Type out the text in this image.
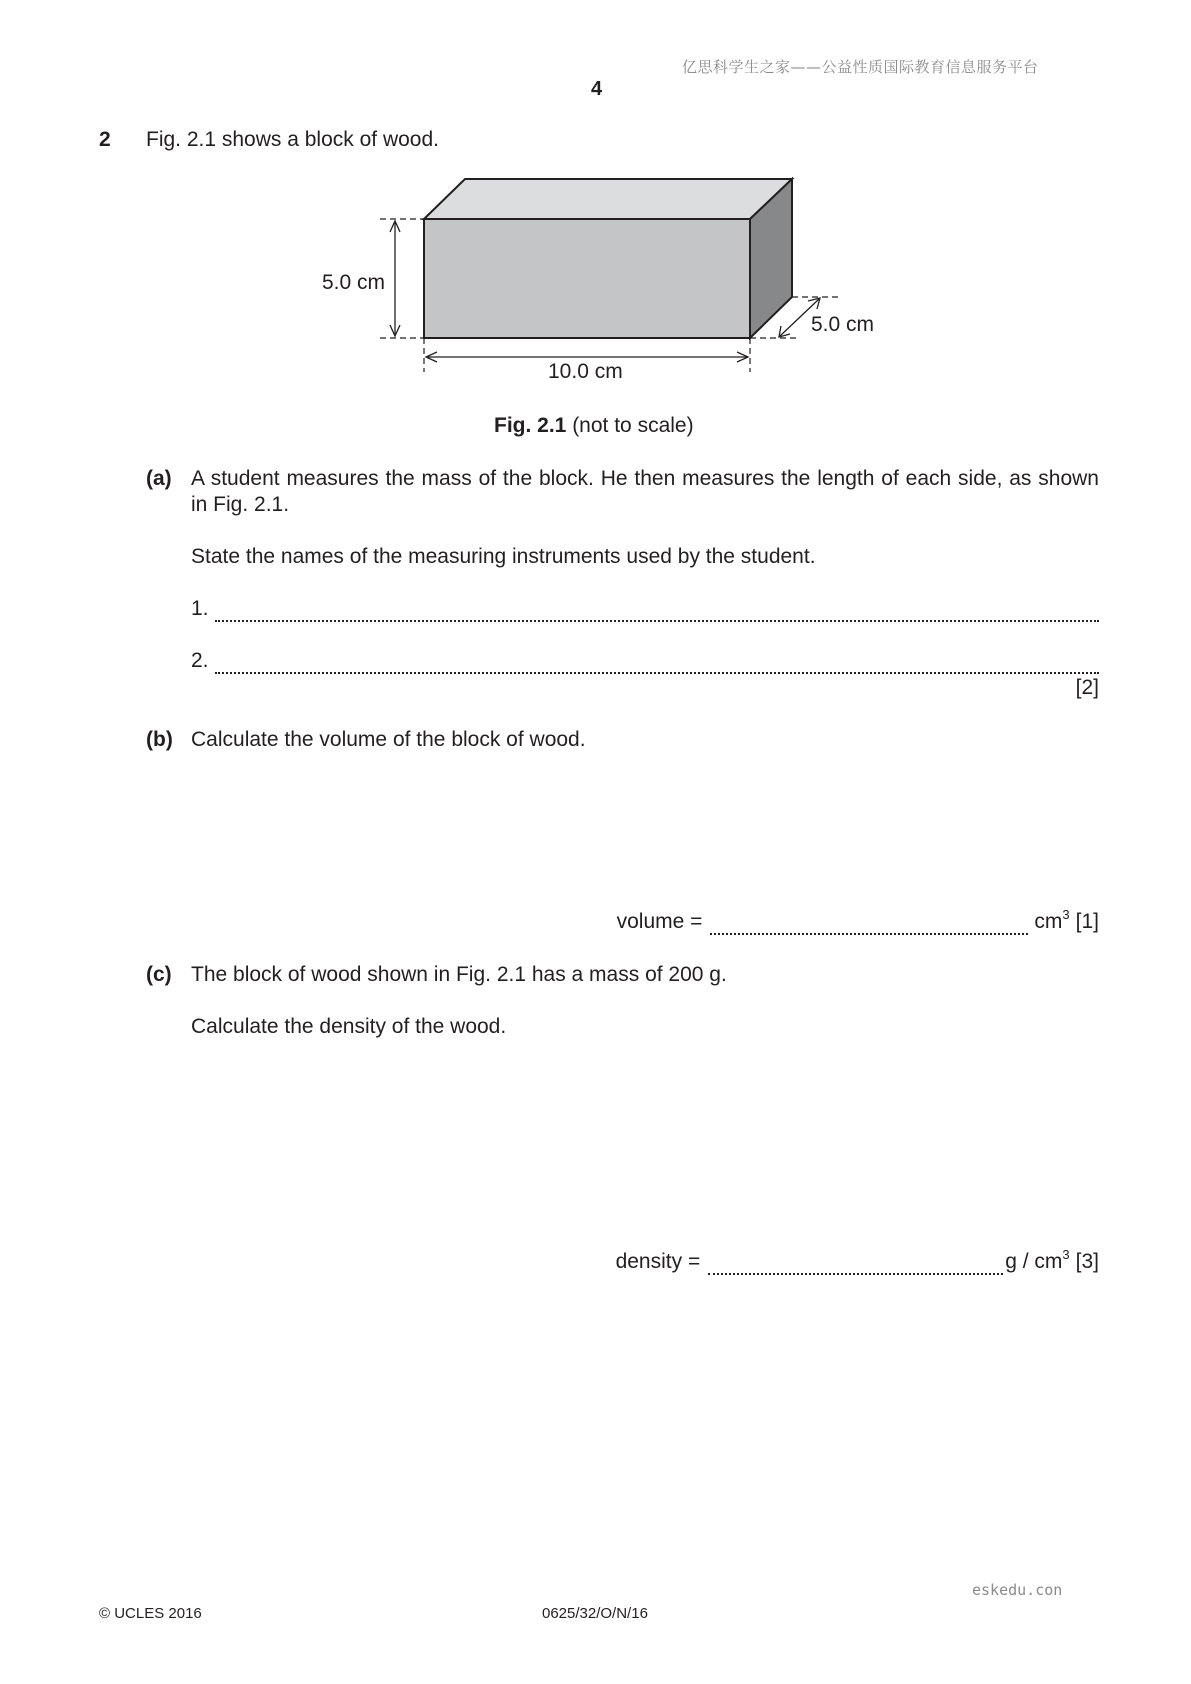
亿思科学生之家——公益性质国际教育信息服务平台
4
2 Fig. 2.1 shows a block of wood.
5.0 cm
5.0 cm
10.0 cm
Fig. 2.1 (not to scale)
(a) A student measures the mass of the block. He then measures the length of each side, as shown in Fig. 2.1.
State the names of the measuring instruments used by the student.
1.
2.
[2]
(b) Calculate the volume of the block of wood.
volume =	$cm^3$ [1]
(c) The block of wood shown in Fig. 2.1 has a mass of 200 g.
Calculate the density of the wood.
density =	g / $cm^3$ [3]
eskedu.con
© UCLES 2016	0625/32/O/N/16
